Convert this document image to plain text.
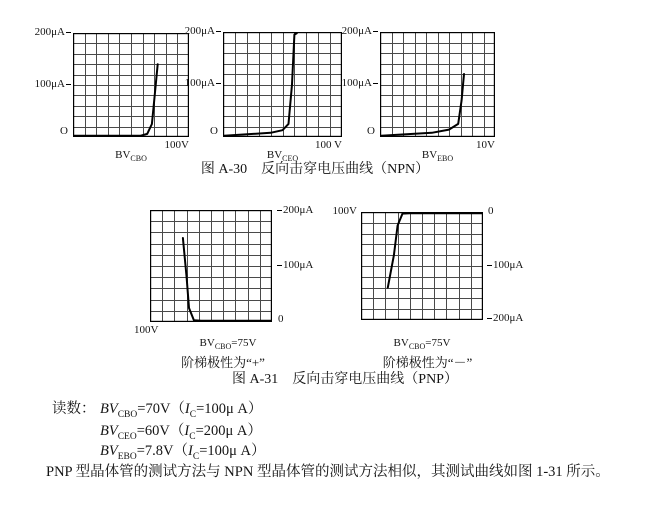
200μA
100μA
O
100V
$BV_{CBO}$
200μA
100μA
O
100 V
$BV_{CEO}$
200μA
100μA
O
10V
$BV_{EBO}$
图 A-30　反向击穿电压曲线（NPN）
200μA
100μA
0
100V
$BV_{CBO}=75V$
阶梯极性为“+”
100V	0
100μA
200μA
$BV_{CBO}=75V$
阶梯极性为“－”
图 A-31　反向击穿电压曲线（PNP）
读数： $BV_{CBO}=70V(I_C=100\mu$ A）
$BV_{CEO}=60V(I_C=200\mu$ A）
$BV_{EBO}=7.8V(I_C=100\mu$ A）
PNP 型晶体管的测试方法与 NPN 型晶体管的测试方法相似，其测试曲线如图 1-31 所示。
